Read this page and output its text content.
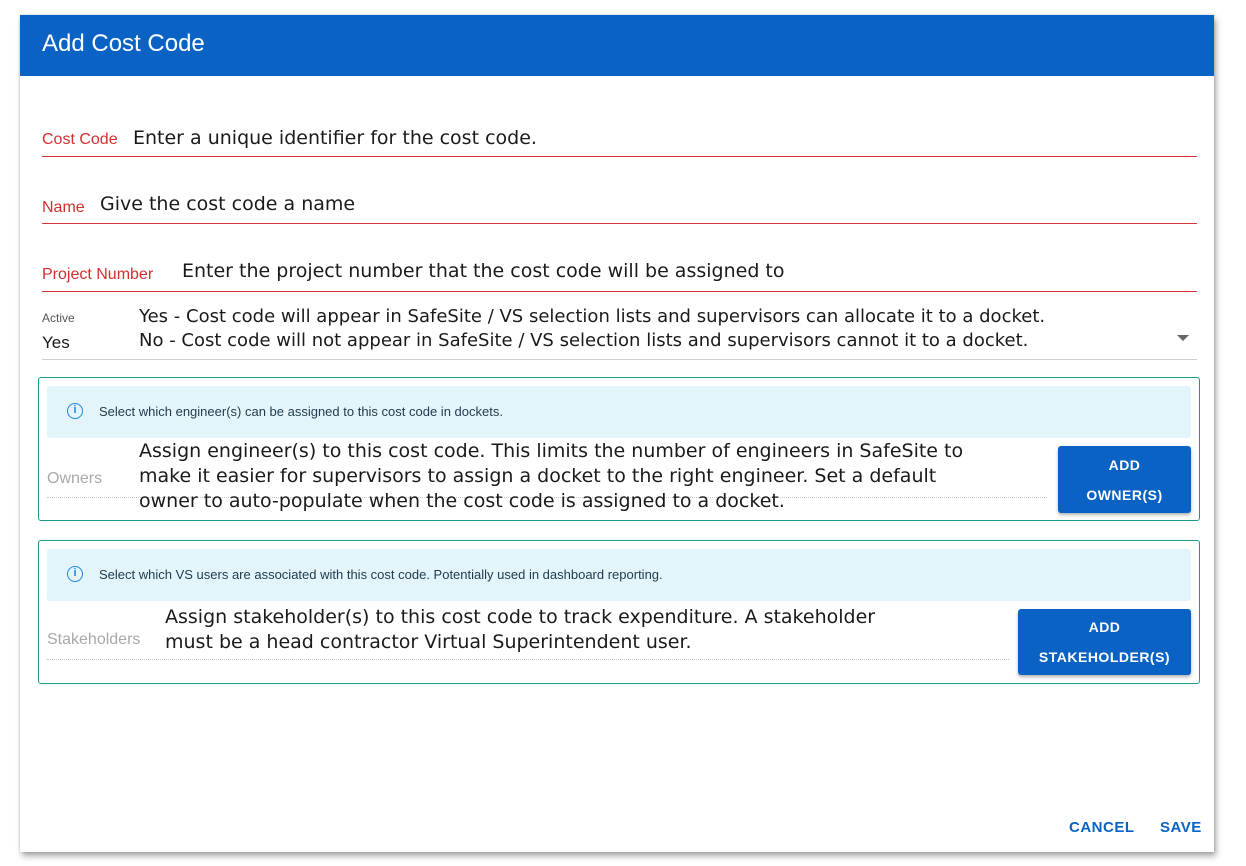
Add Cost Code
Cost Code Enter a unique identifier for the cost code.
Name Give the cost code a name
Project Number Enter the project number that the cost code will be assigned to
Active
Yes
Yes - Cost code will appear in SafeSite / VS selection lists and supervisors can allocate it to a docket.
No - Cost code will not appear in SafeSite / VS selection lists and supervisors cannot it to a docket.
i	Select which engineer(s) can be assigned to this cost code in dockets.
Owners
Assign engineer(s) to this cost code. This limits the number of engineers in SafeSite to
make it easier for supervisors to assign a docket to the right engineer. Set a default
owner to auto-populate when the cost code is assigned to a docket.
ADD
OWNER(S)
i	Select which VS users are associated with this cost code. Potentially used in dashboard reporting.
Stakeholders
Assign stakeholder(s) to this cost code to track expenditure. A stakeholder
must be a head contractor Virtual Superintendent user.
ADD
STAKEHOLDER(S)
CANCEL SAVE
